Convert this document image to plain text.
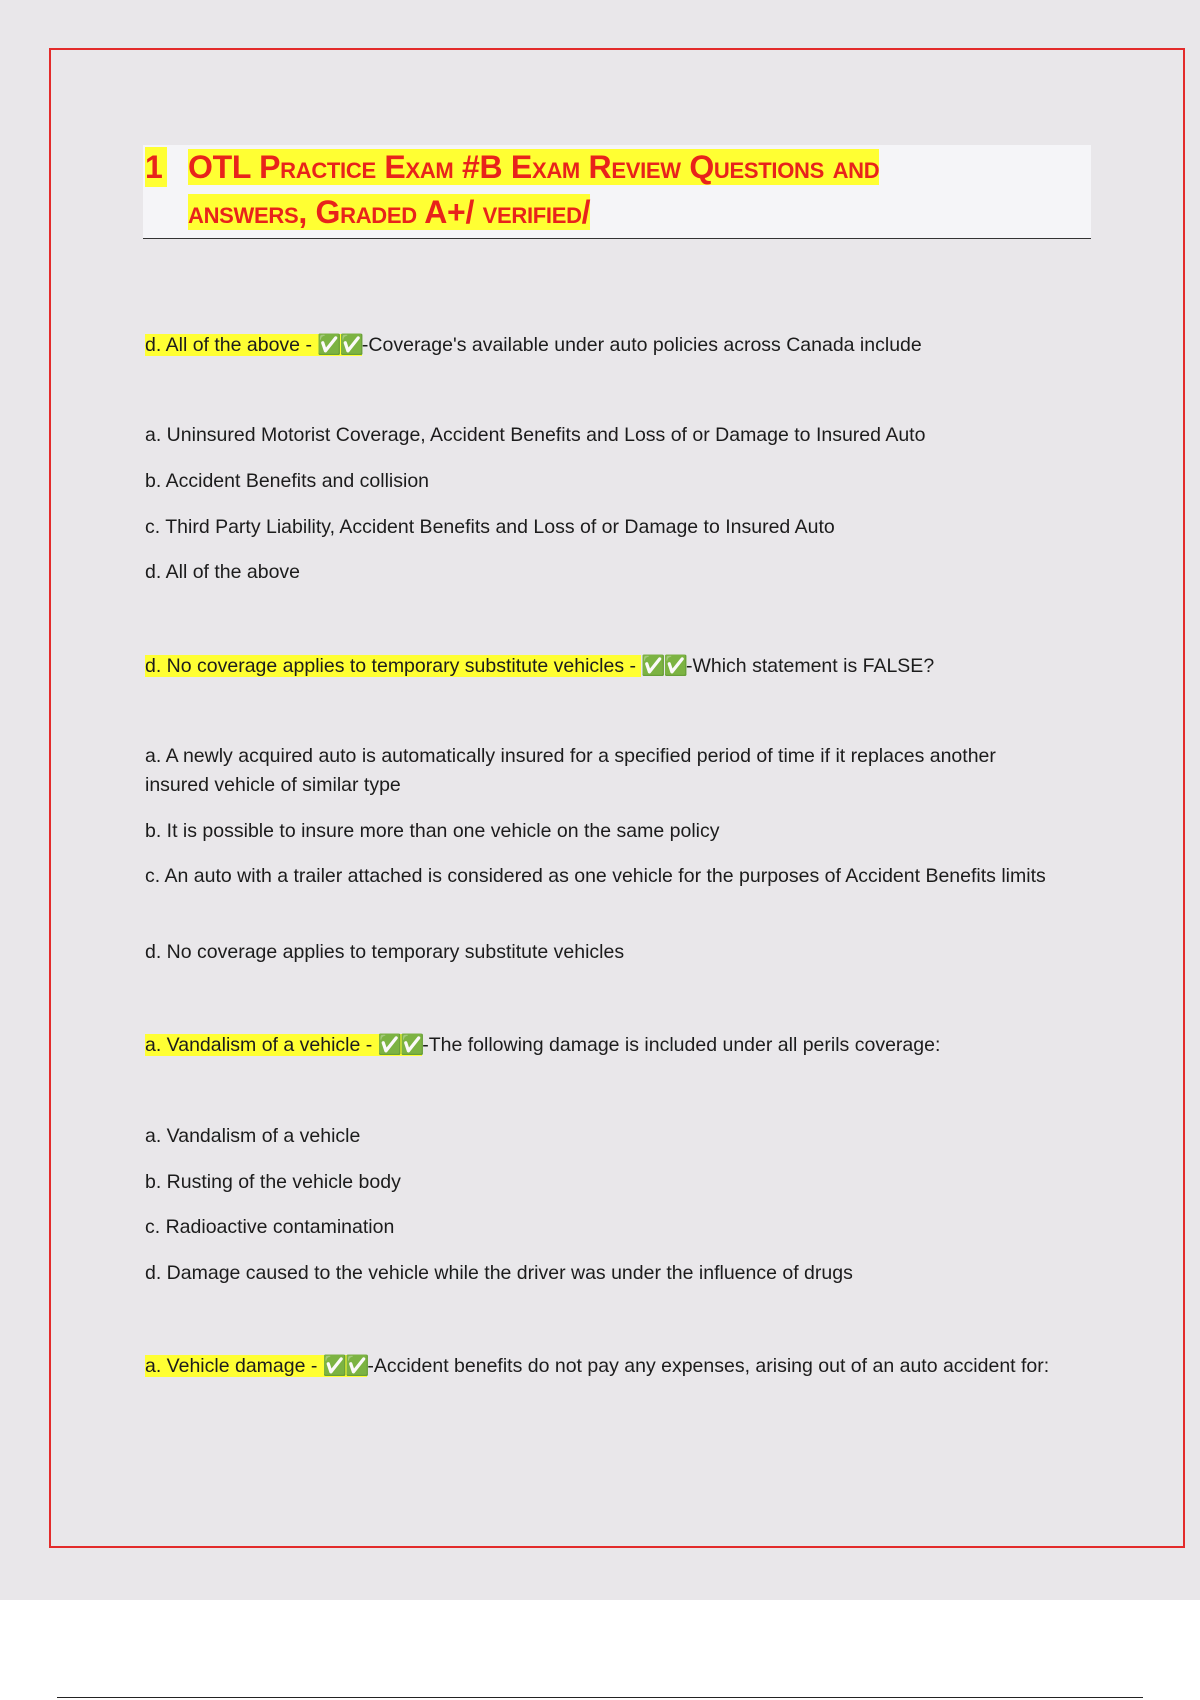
1 OTL Practice Exam #B Exam Review Questions and
answers, Graded A+/ verified/
d. All of the above - ✅✅-Coverage's available under auto policies across Canada include
a. Uninsured Motorist Coverage, Accident Benefits and Loss of or Damage to Insured Auto
b. Accident Benefits and collision
c. Third Party Liability, Accident Benefits and Loss of or Damage to Insured Auto
d. All of the above
d. No coverage applies to temporary substitute vehicles - ✅✅-Which statement is FALSE?
a. A newly acquired auto is automatically insured for a specified period of time if it replaces another insured vehicle of similar type
b. It is possible to insure more than one vehicle on the same policy
c. An auto with a trailer attached is considered as one vehicle for the purposes of Accident Benefits limits
d. No coverage applies to temporary substitute vehicles
a. Vandalism of a vehicle - ✅✅-The following damage is included under all perils coverage:
a. Vandalism of a vehicle
b. Rusting of the vehicle body
c. Radioactive contamination
d. Damage caused to the vehicle while the driver was under the influence of drugs
a. Vehicle damage - ✅✅-Accident benefits do not pay any expenses, arising out of an auto accident for:
